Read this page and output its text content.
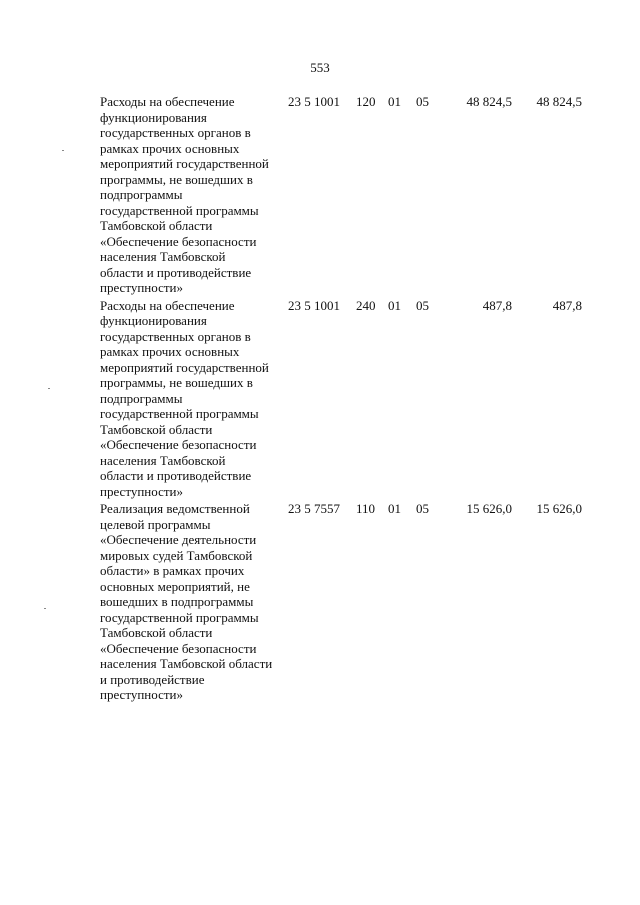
553
Расходы на обеспечение
функционирования
государственных органов в
рамках прочих основных
мероприятий государственной
программы, не вошедших в
подпрограммы
государственной программы
Тамбовской области
«Обеспечение безопасности
населения Тамбовской
области и противодействие
преступности»
23 5 1001	120 01	05	48 824,5	48 824,5
Расходы на обеспечение
функционирования
государственных органов в
рамках прочих основных
мероприятий государственной
программы, не вошедших в
подпрограммы
государственной программы
Тамбовской области
«Обеспечение безопасности
населения Тамбовской
области и противодействие
преступности»
23 5 1001	240 01	05	487,8	487,8
Реализация ведомственной
целевой программы
«Обеспечение деятельности
мировых судей Тамбовской
области» в рамках прочих
основных мероприятий, не
вошедших в подпрограммы
государственной программы
Тамбовской области
«Обеспечение безопасности
населения Тамбовской области
и противодействие
преступности»
23 5 7557	110 01	05	15 626,0	15 626,0
